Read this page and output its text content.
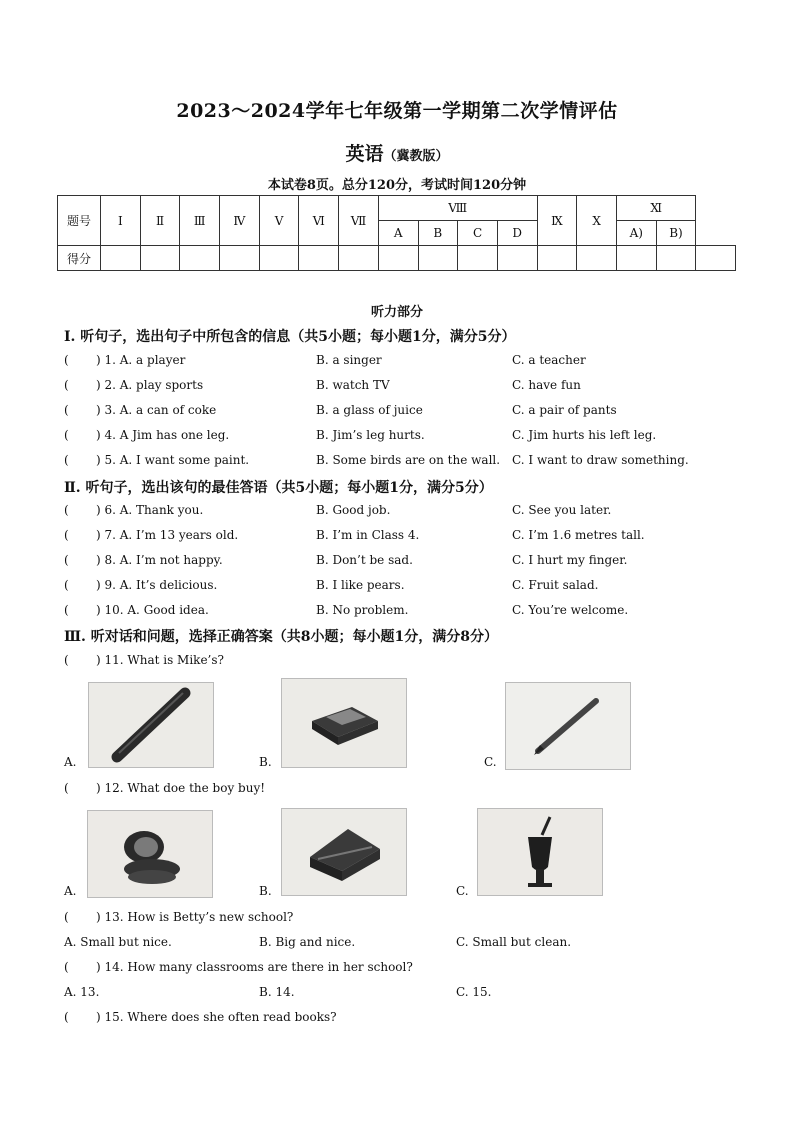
2023～2024学年七年级第一学期第二次学情评估
英语（冀教版）
本试卷8页。总分120分，考试时间120分钟
题号	Ⅰ	Ⅱ	Ⅲ	Ⅳ	Ⅴ	Ⅵ	Ⅶ	Ⅷ				Ⅸ	Ⅹ	Ⅺ		
								A	B	C	D			A)	B)	
得分																
听力部分
Ⅰ. 听句子，选出句子中所包含的信息（共5小题；每小题1分，满分5分）
( ) 1. A. a player	B. a singer	C. a teacher
( ) 2. A. play sports	B. watch TV	C. have fun
( ) 3. A. a can of coke	B. a glass of juice	C. a pair of pants
( ) 4. A Jim has one leg.	B. Jim’s leg hurts.	C. Jim hurts his left leg.
( ) 5. A. I want some paint.	B. Some birds are on the wall. C. I want to draw something.
Ⅱ. 听句子，选出该句的最佳答语（共5小题；每小题1分，满分5分）
( ) 6. A. Thank you.	B. Good job.	C. See you later.
( ) 7. A. I’m 13 years old.	B. I’m in Class 4.	C. I’m 1.6 metres tall.
( ) 8. A. I’m not happy.	B. Don’t be sad.	C. I hurt my finger.
( ) 9. A. It’s delicious.	B. I like pears.	C. Fruit salad.
( ) 10. A. Good idea.	B. No problem.	C. You’re welcome.
Ⅲ. 听对话和问题，选择正确答案（共8小题；每小题1分，满分8分）
( ) 11. What is Mike’s?
A.	B.	C.
( ) 12. What doe the boy buy!
A.	B.	C.
( ) 13. How is Betty’s new school?
A. Small but nice.	B. Big and nice.	C. Small but clean.
( ) 14. How many classrooms are there in her school?
A. 13.	B. 14.	C. 15.
( ) 15. Where does she often read books?
